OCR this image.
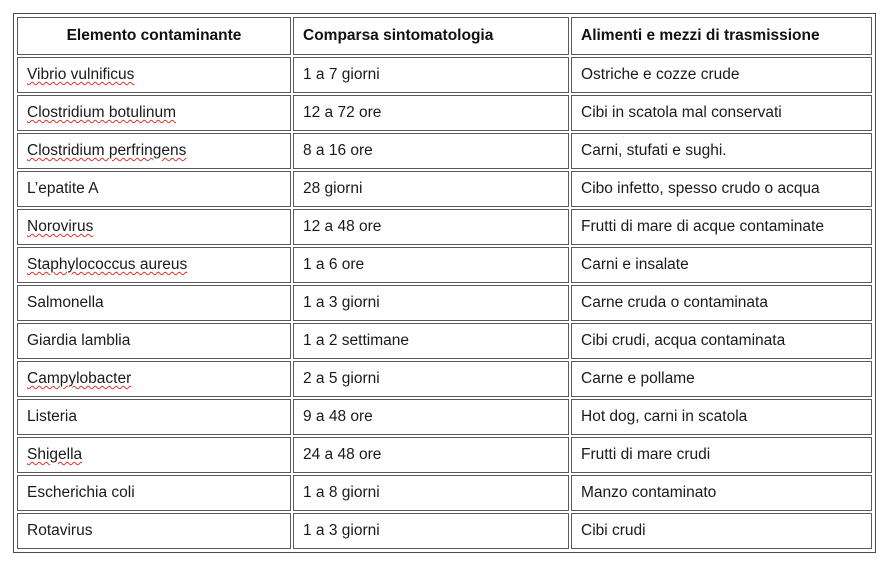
Elemento contaminante	Comparsa sintomatologia	Alimenti e mezzi di trasmissione
Vibrio vulnificus	1 a 7 giorni	Ostriche e cozze crude
Clostridium botulinum	12 a 72 ore	Cibi in scatola mal conservati
Clostridium perfringens	8 a 16 ore	Carni, stufati e sughi.
L’epatite A	28 giorni	Cibo infetto, spesso crudo o acqua
Norovirus	12 a 48 ore	Frutti di mare di acque contaminate
Staphylococcus aureus	1 a 6 ore	Carni e insalate
Salmonella	1 a 3 giorni	Carne cruda o contaminata
Giardia lamblia	1 a 2 settimane	Cibi crudi, acqua contaminata
Campylobacter	2 a 5 giorni	Carne e pollame
Listeria	9 a 48 ore	Hot dog, carni in scatola
Shigella	24 a 48 ore	Frutti di mare crudi
Escherichia coli	1 a 8 giorni	Manzo contaminato
Rotavirus	1 a 3 giorni	Cibi crudi
